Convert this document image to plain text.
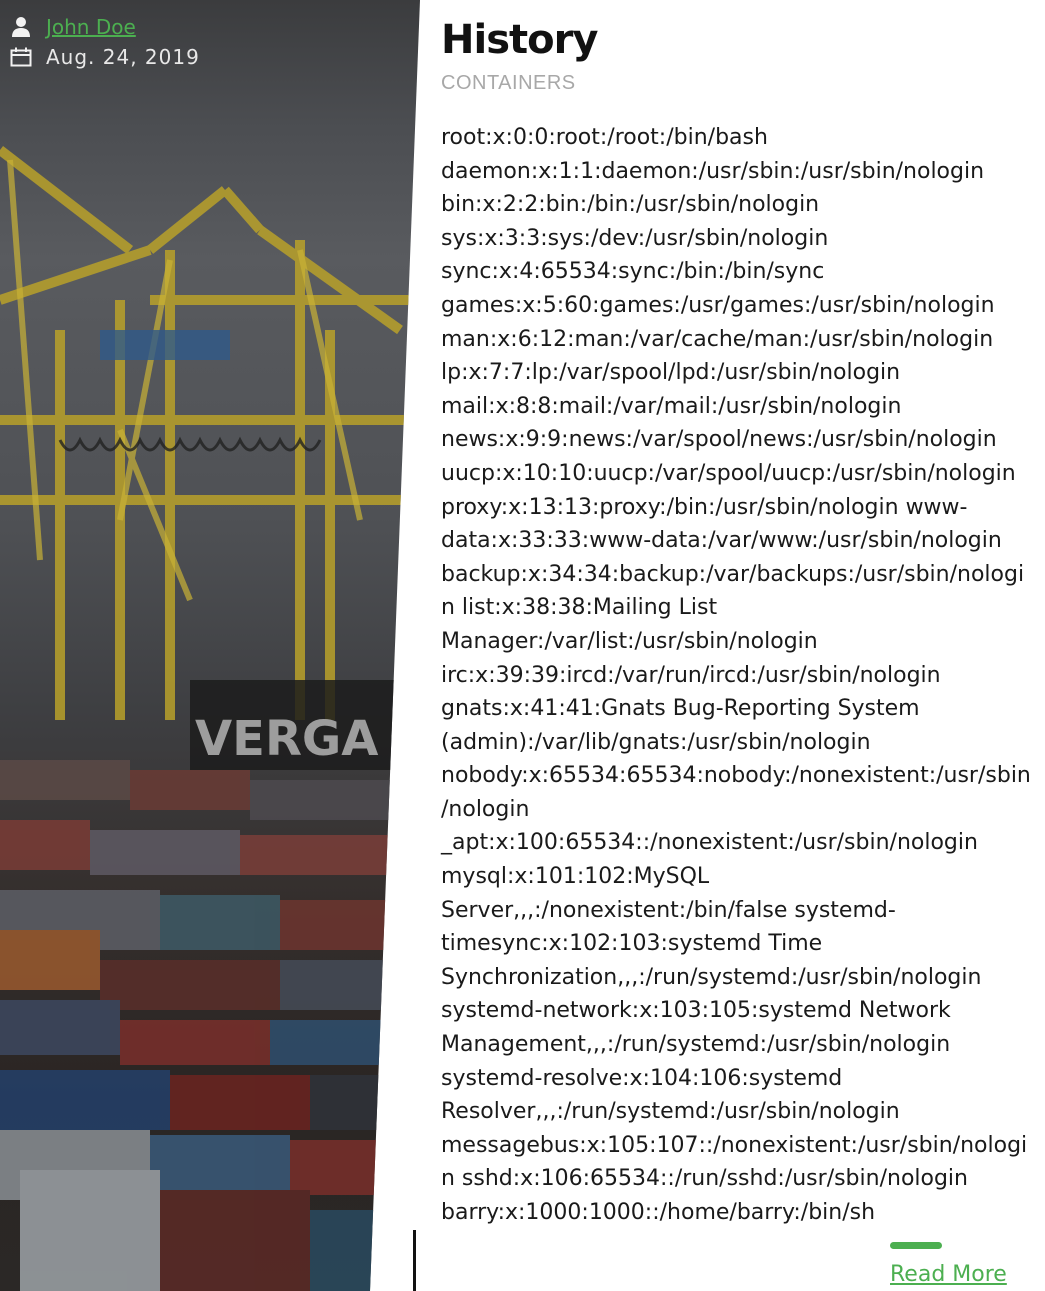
VERGA
John Doe
Aug. 24, 2019	History
CONTAINERS
root:x:0:0:root:/root:/bin/bash daemon:x:1:1:daemon:/usr/sbin:/usr/sbin/nologin bin:x:2:2:bin:/bin:/usr/sbin/nologin sys:x:3:3:sys:/dev:/usr/sbin/nologin sync:x:4:65534:sync:/bin:/bin/sync games:x:5:60:games:/usr/games:/usr/sbin/nologin man:x:6:12:man:/var/cache/man:/usr/sbin/nologin lp:x:7:7:lp:/var/spool/lpd:/usr/sbin/nologin mail:x:8:8:mail:/var/mail:/usr/sbin/nologin news:x:9:9:news:/var/spool/news:/usr/sbin/nologin uucp:x:10:10:uucp:/var/spool/uucp:/usr/sbin/nologin proxy:x:13:13:proxy:/bin:/usr/sbin/nologin www-data:x:33:33:www-data:/var/www:/usr/sbin/nologin backup:x:34:34:backup:/var/backups:/usr/sbin/nologin list:x:38:38:Mailing List Manager:/var/list:/usr/sbin/nologin irc:x:39:39:ircd:/var/run/ircd:/usr/sbin/nologin gnats:x:41:41:Gnats Bug-Reporting System (admin):/var/lib/gnats:/usr/sbin/nologin nobody:x:65534:65534:nobody:/nonexistent:/usr/sbin/nologin _apt:x:100:65534::/nonexistent:/usr/sbin/nologin mysql:x:101:102:MySQL Server,,,:/nonexistent:/bin/false systemd-timesync:x:102:103:systemd Time Synchronization,,,:/run/systemd:/usr/sbin/nologin systemd-network:x:103:105:systemd Network Management,,,:/run/systemd:/usr/sbin/nologin systemd-resolve:x:104:106:systemd Resolver,,,:/run/systemd:/usr/sbin/nologin messagebus:x:105:107::/nonexistent:/usr/sbin/nologin sshd:x:106:65534::/run/sshd:/usr/sbin/nologin barry:x:1000:1000::/home/barry:/bin/sh
Read More
